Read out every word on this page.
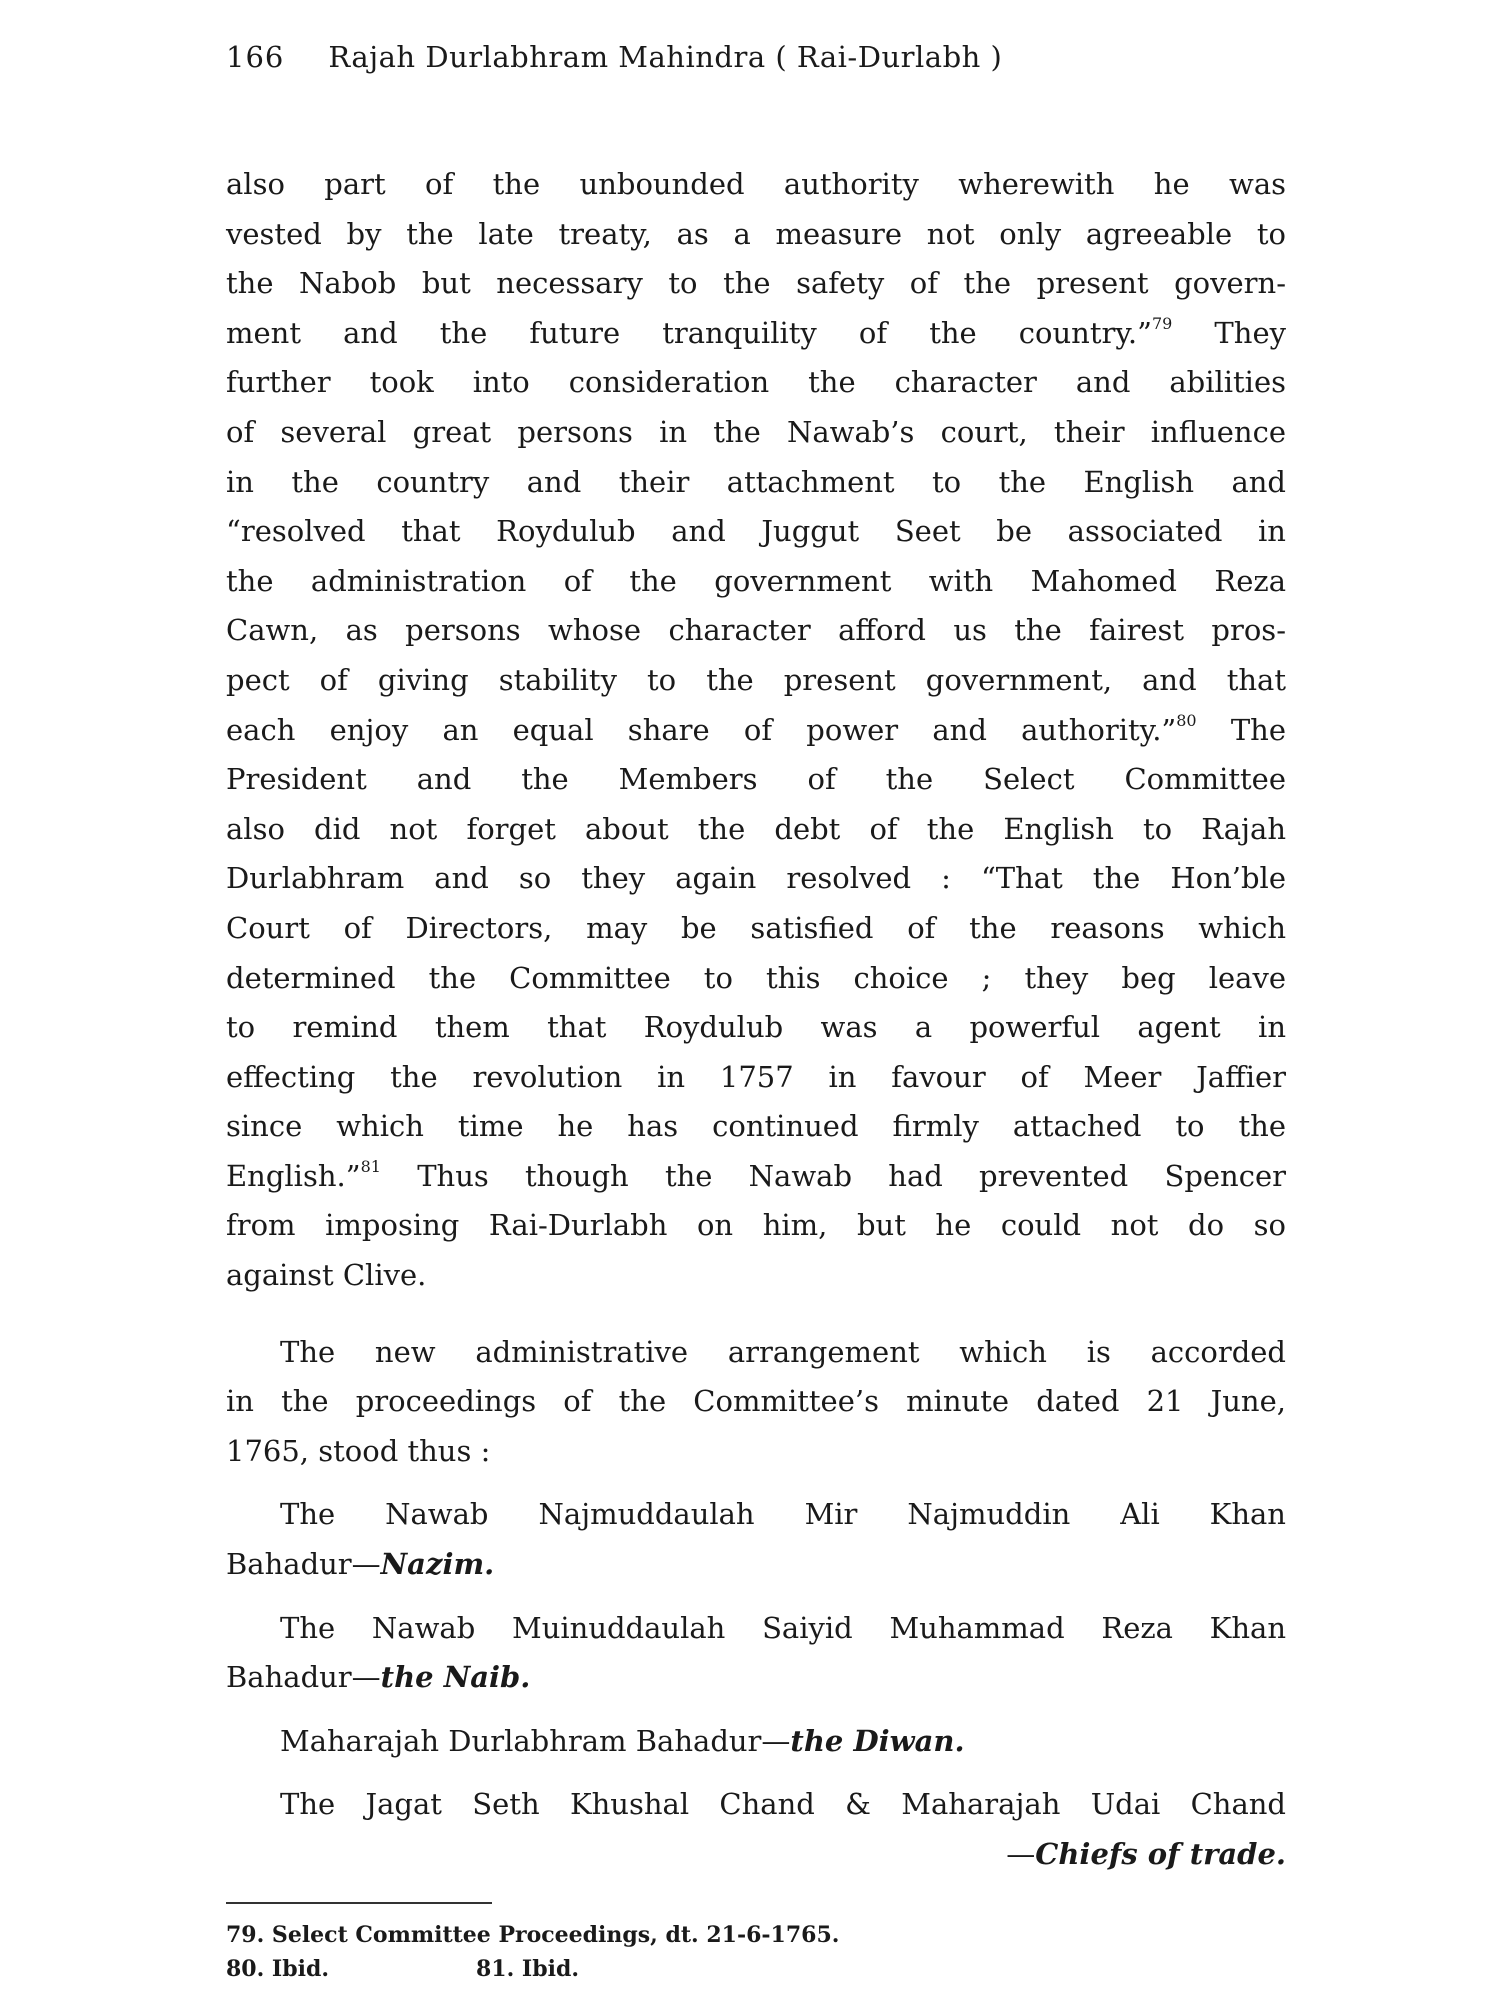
166 Rajah Durlabhram Mahindra ( Rai-Durlabh )
also part of the unbounded authority wherewith he was
vested by the late treaty, as a measure not only agreeable to
the Nabob but necessary to the safety of the present govern-
ment and the future tranquility of the country.”$^{79}$ They
further took into consideration the character and abilities
of several great persons in the Nawab’s court, their influence
in the country and their attachment to the English and
“resolved that Roydulub and Juggut Seet be associated in
the administration of the government with Mahomed Reza
Cawn, as persons whose character afford us the fairest pros-
pect of giving stability to the present government, and that
each enjoy an equal share of power and authority.”$^{80}$ The
President and the Members of the Select Committee
also did not forget about the debt of the English to Rajah
Durlabhram and so they again resolved : “That the Hon’ble
Court of Directors, may be satisfied of the reasons which
determined the Committee to this choice ; they beg leave
to remind them that Roydulub was a powerful agent in
effecting the revolution in 1757 in favour of Meer Jaffier
since which time he has continued firmly attached to the
English.”$^{81}$ Thus though the Nawab had prevented Spencer
from imposing Rai-Durlabh on him, but he could not do so
against Clive.
The new administrative arrangement which is accorded
in the proceedings of the Committee’s minute dated 21 June,
1765, stood thus :
The Nawab Najmuddaulah Mir Najmuddin Ali Khan
Bahadur—Nazim.
The Nawab Muinuddaulah Saiyid Muhammad Reza Khan
Bahadur—the Naib.
Maharajah Durlabhram Bahadur—the Diwan.
The Jagat Seth Khushal Chand & Maharajah Udai Chand
—Chiefs of trade.
79. Select Committee Proceedings, dt. 21-6-1765.
80. Ibid.	81. Ibid.
